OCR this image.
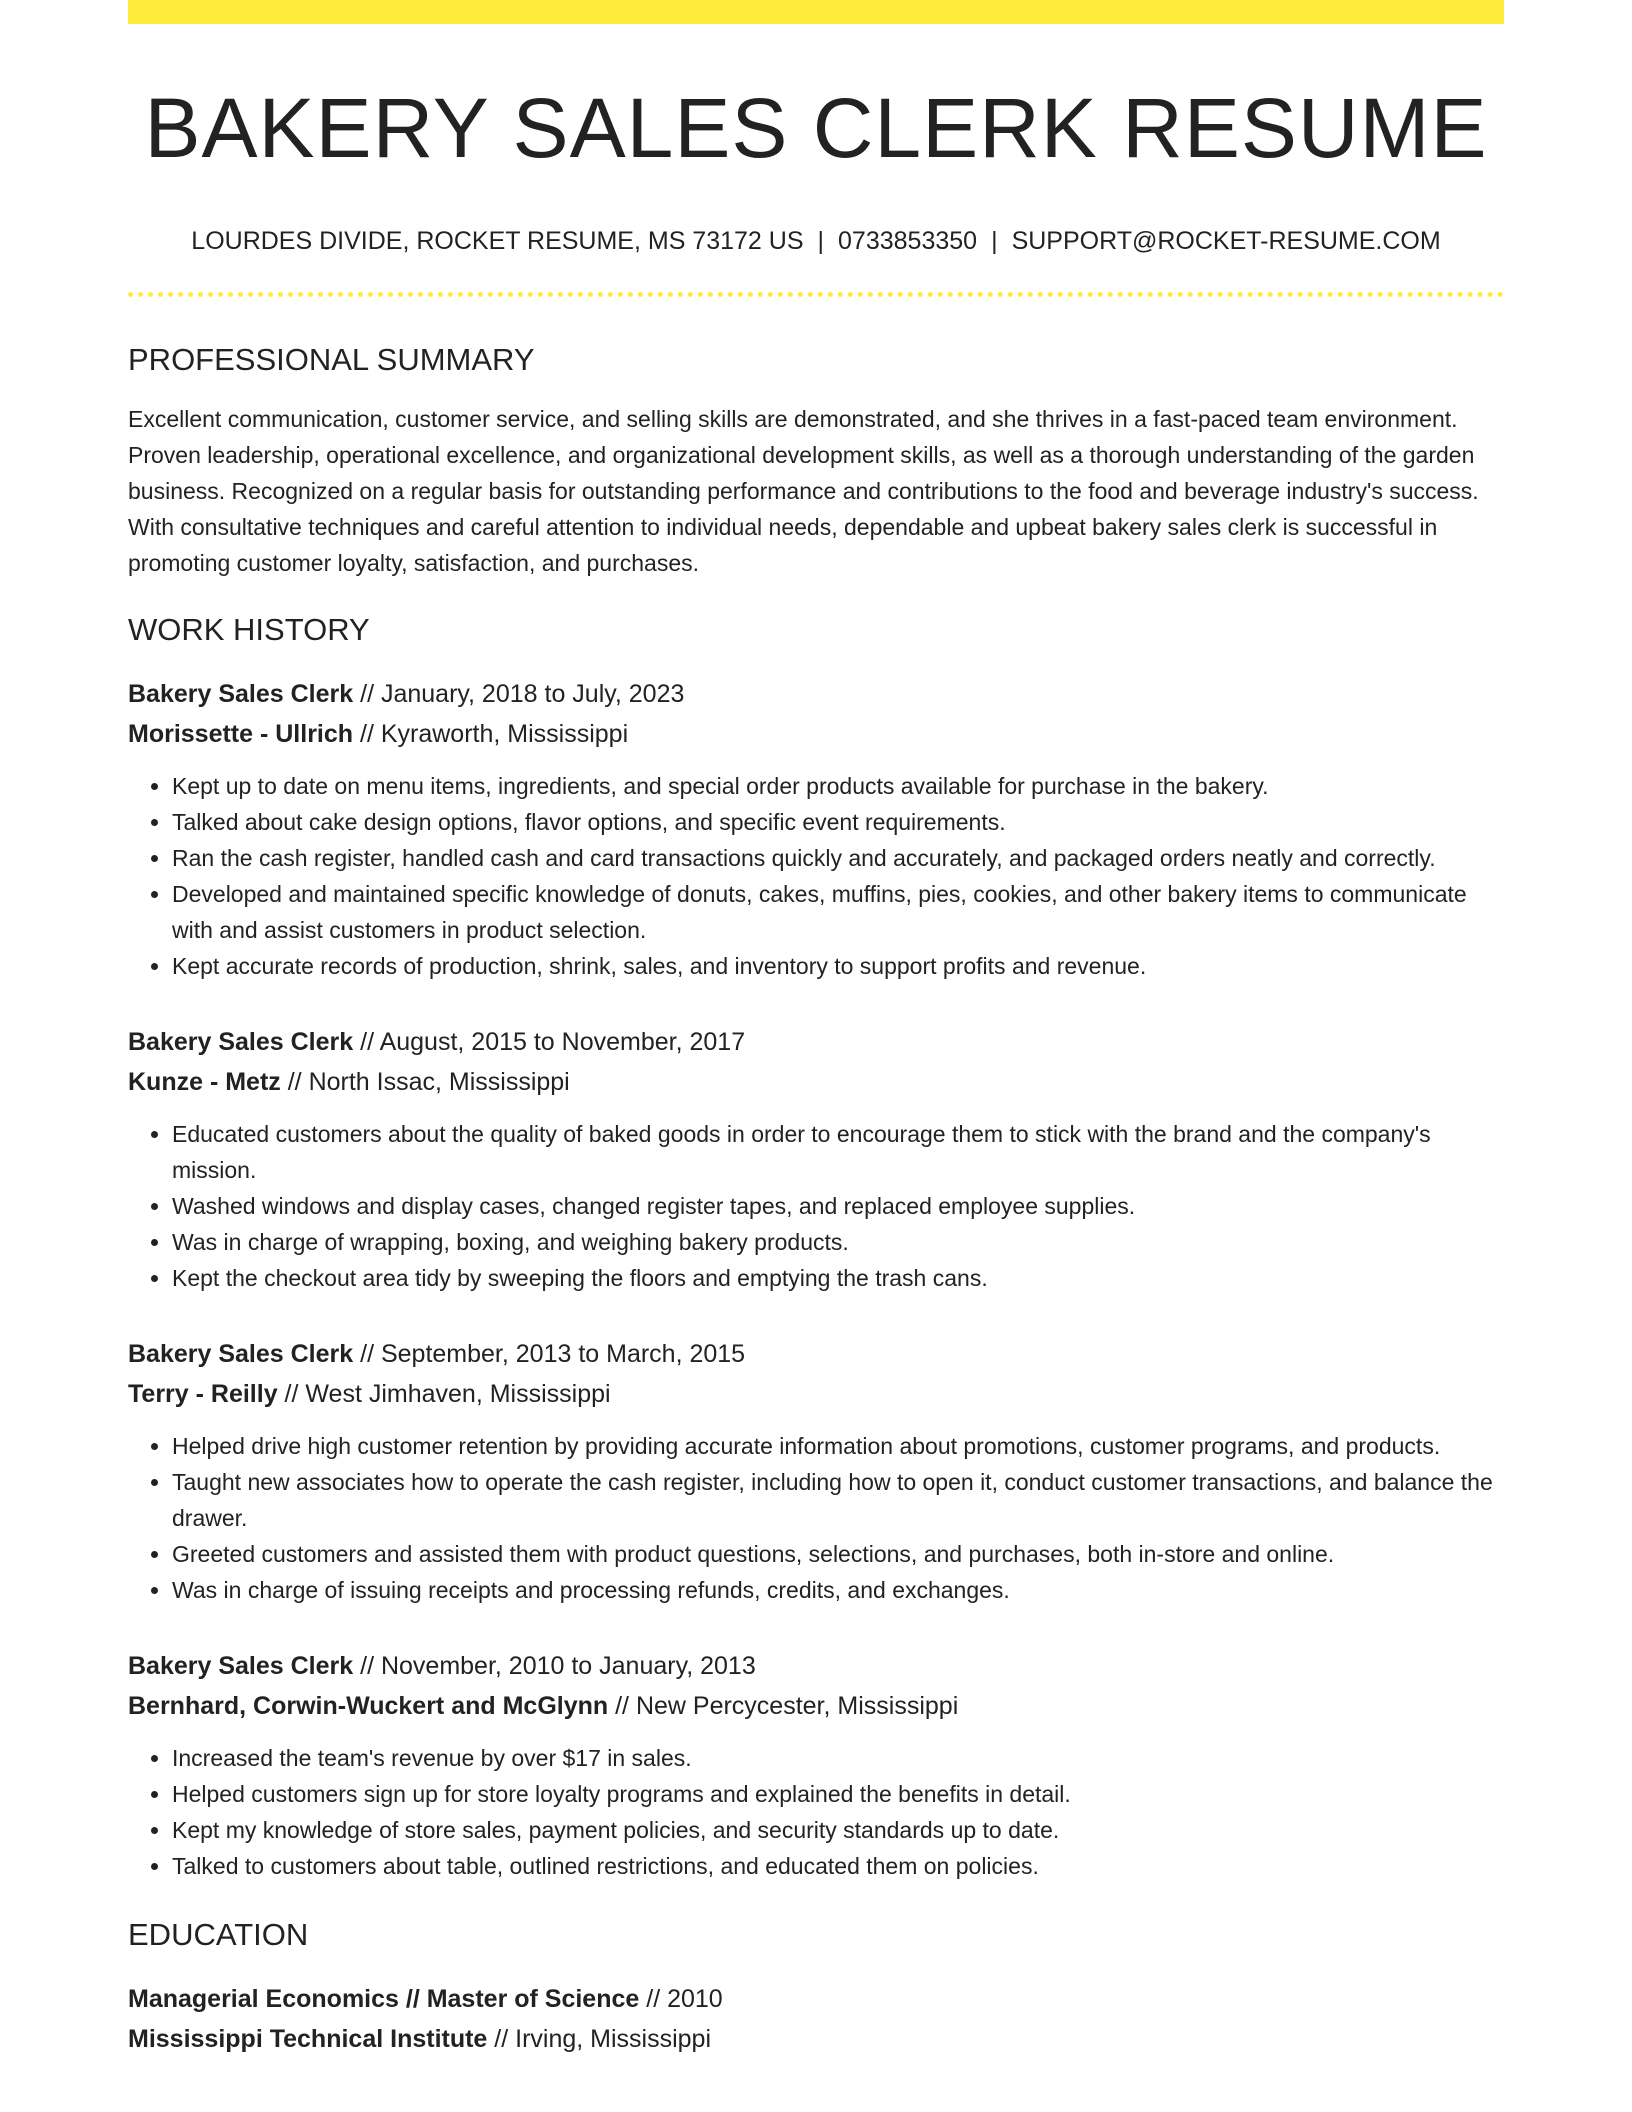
BAKERY SALES CLERK RESUME
LOURDES DIVIDE, ROCKET RESUME, MS 73172 US | 0733853350 | SUPPORT@ROCKET-RESUME.COM
PROFESSIONAL SUMMARY
Excellent communication, customer service, and selling skills are demonstrated, and she thrives in a fast-paced team environment. Proven leadership, operational excellence, and organizational development skills, as well as a thorough understanding of the garden business. Recognized on a regular basis for outstanding performance and contributions to the food and beverage industry's success. With consultative techniques and careful attention to individual needs, dependable and upbeat bakery sales clerk is successful in promoting customer loyalty, satisfaction, and purchases.
WORK HISTORY
Bakery Sales Clerk // January, 2018 to July, 2023
Morissette - Ullrich // Kyraworth, Mississippi
• Kept up to date on menu items, ingredients, and special order products available for purchase in the bakery.
• Talked about cake design options, flavor options, and specific event requirements.
• Ran the cash register, handled cash and card transactions quickly and accurately, and packaged orders neatly and correctly.
• Developed and maintained specific knowledge of donuts, cakes, muffins, pies, cookies, and other bakery items to communicate with and assist customers in product selection.
• Kept accurate records of production, shrink, sales, and inventory to support profits and revenue.
Bakery Sales Clerk // August, 2015 to November, 2017
Kunze - Metz // North Issac, Mississippi
• Educated customers about the quality of baked goods in order to encourage them to stick with the brand and the company's mission.
• Washed windows and display cases, changed register tapes, and replaced employee supplies.
• Was in charge of wrapping, boxing, and weighing bakery products.
• Kept the checkout area tidy by sweeping the floors and emptying the trash cans.
Bakery Sales Clerk // September, 2013 to March, 2015
Terry - Reilly // West Jimhaven, Mississippi
• Helped drive high customer retention by providing accurate information about promotions, customer programs, and products.
• Taught new associates how to operate the cash register, including how to open it, conduct customer transactions, and balance the drawer.
• Greeted customers and assisted them with product questions, selections, and purchases, both in-store and online.
• Was in charge of issuing receipts and processing refunds, credits, and exchanges.
Bakery Sales Clerk // November, 2010 to January, 2013
Bernhard, Corwin-Wuckert and McGlynn // New Percycester, Mississippi
• Increased the team's revenue by over $17 in sales.
• Helped customers sign up for store loyalty programs and explained the benefits in detail.
• Kept my knowledge of store sales, payment policies, and security standards up to date.
• Talked to customers about table, outlined restrictions, and educated them on policies.
EDUCATION
Managerial Economics // Master of Science // 2010
Mississippi Technical Institute // Irving, Mississippi
